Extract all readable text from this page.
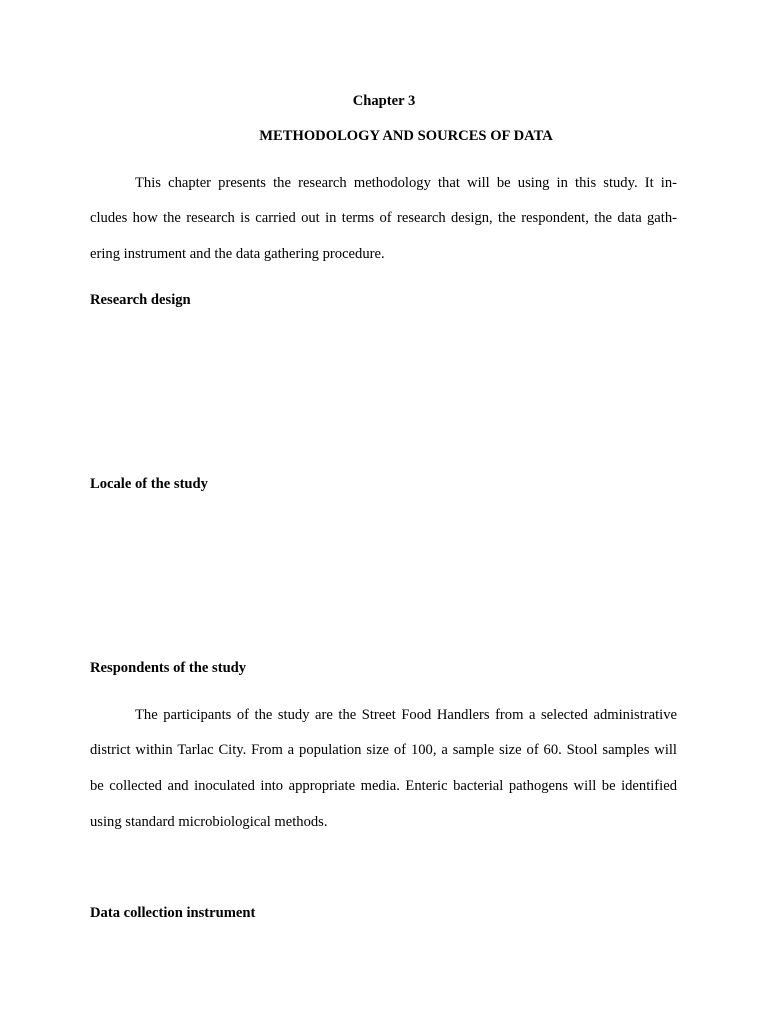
Chapter 3
METHODOLOGY AND SOURCES OF DATA
This chapter presents the research methodology that will be using in this study. It in-
cludes how the research is carried out in terms of research design, the respondent, the data gath-
ering instrument and the data gathering procedure.
Research design
Locale of the study
Respondents of the study
The participants of the study are the Street Food Handlers from a selected administrative
district within Tarlac City. From a population size of 100, a sample size of 60. Stool samples will
be collected and inoculated into appropriate media. Enteric bacterial pathogens will be identified
using standard microbiological methods.
Data collection instrument
